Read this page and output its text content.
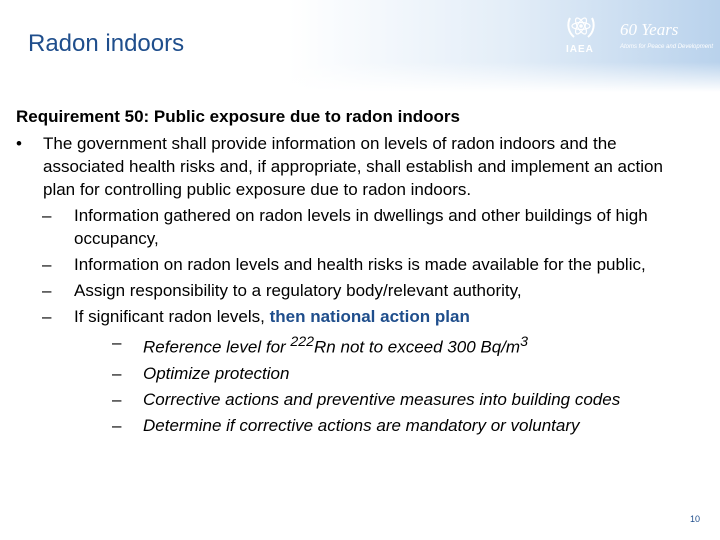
Radon indoors	IAEA
60 Years
Atoms for Peace and Development

Requirement 50: Public exposure due to radon indoors

• The government shall provide information on levels of radon indoors and the associated health risks and, if appropriate, shall establish and implement an action plan for controlling public exposure due to radon indoors.

– Information gathered on radon levels in dwellings and other buildings of high occupancy,

– Information on radon levels and health risks is made available for the public,

– Assign responsibility to a regulatory body/relevant authority,

– If significant radon levels, then national action plan

– Reference level for $^{222}$Rn not to exceed 300 $Bq/m^3$

– Optimize protection

– Corrective actions and preventive measures into building codes

– Determine if corrective actions are mandatory or voluntary

10
